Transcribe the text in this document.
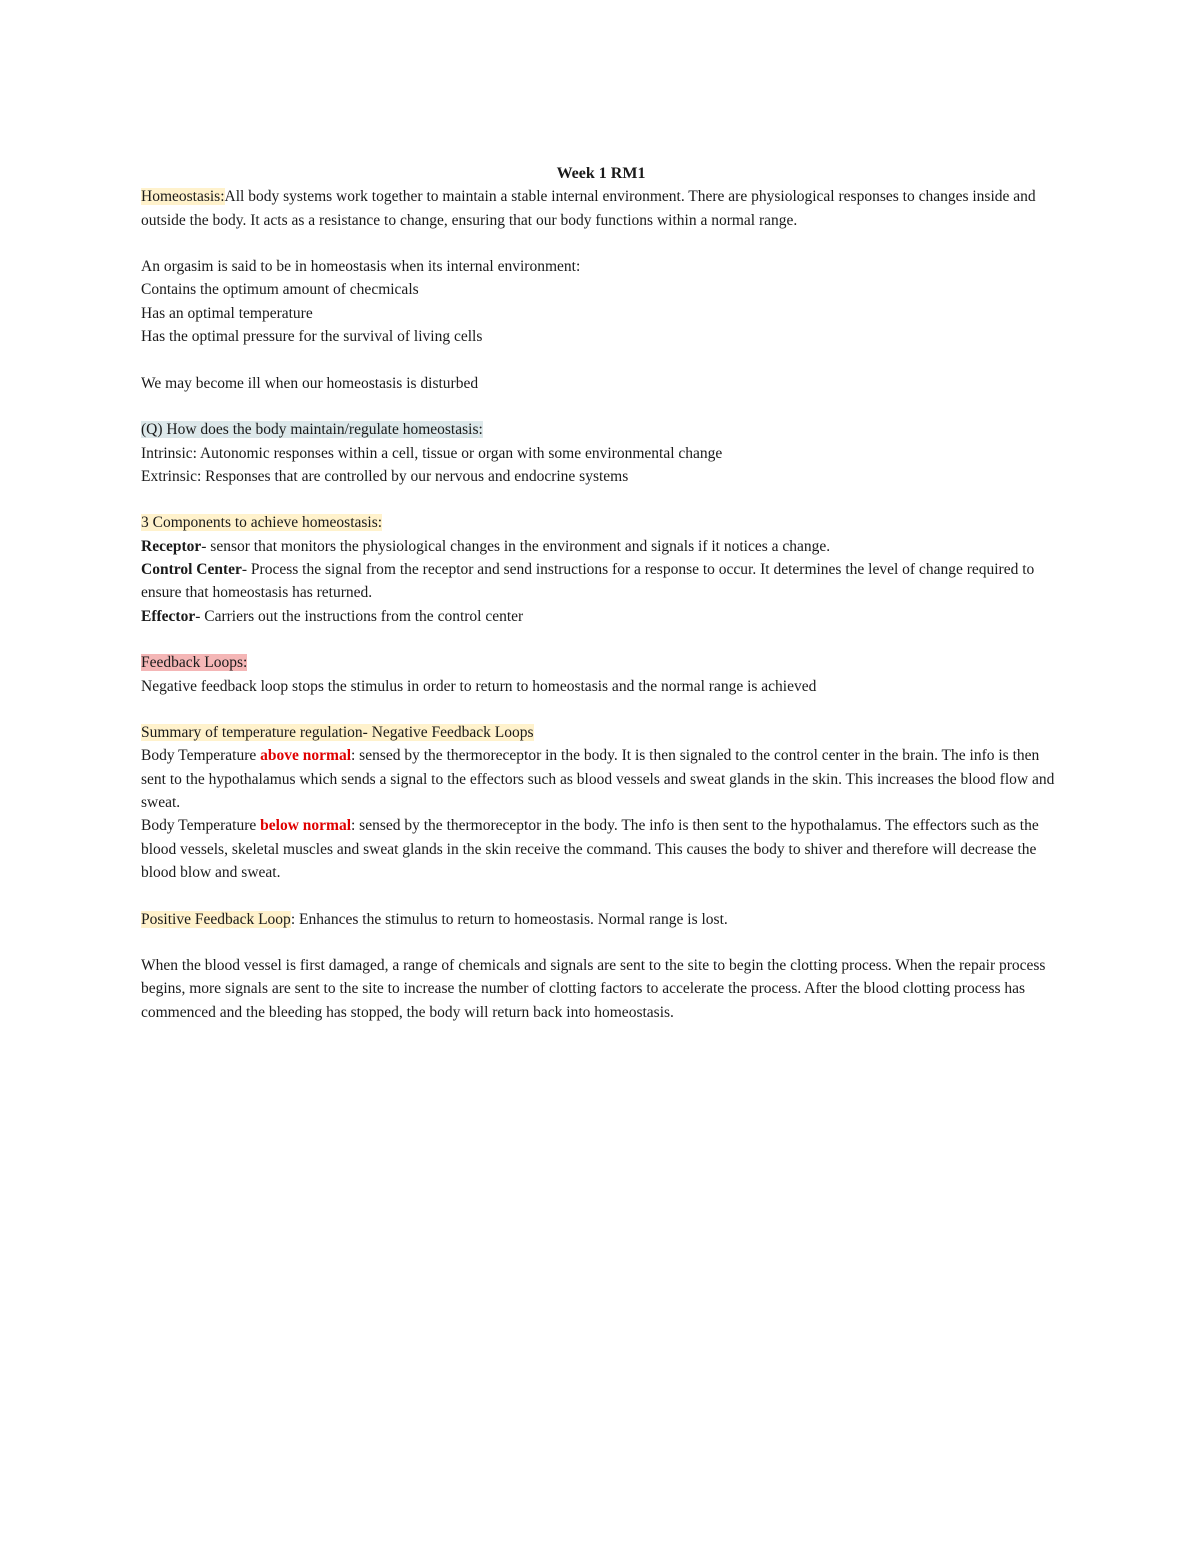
Week 1 RM1

Homeostasis:All body systems work together to maintain a stable internal environment. There are physiological responses to changes inside and outside the body. It acts as a resistance to change, ensuring that our body functions within a normal range.

An orgasim is said to be in homeostasis when its internal environment:

Contains the optimum amount of checmicals

Has an optimal temperature

Has the optimal pressure for the survival of living cells

We may become ill when our homeostasis is disturbed

(Q) How does the body maintain/regulate homeostasis:

Intrinsic: Autonomic responses within a cell, tissue or organ with some environmental change

Extrinsic: Responses that are controlled by our nervous and endocrine systems

3 Components to achieve homeostasis:

Receptor- sensor that monitors the physiological changes in the environment and signals if it notices a change.

Control Center- Process the signal from the receptor and send instructions for a response to occur. It determines the level of change required to ensure that homeostasis has returned.

Effector- Carriers out the instructions from the control center

Feedback Loops:

Negative feedback loop stops the stimulus in order to return to homeostasis and the normal range is achieved

Summary of temperature regulation- Negative Feedback Loops

Body Temperature above normal: sensed by the thermoreceptor in the body. It is then signaled to the control center in the brain. The info is then sent to the hypothalamus which sends a signal to the effectors such as blood vessels and sweat glands in the skin. This increases the blood flow and sweat.

Body Temperature below normal: sensed by the thermoreceptor in the body. The info is then sent to the hypothalamus. The effectors such as the blood vessels, skeletal muscles and sweat glands in the skin receive the command. This causes the body to shiver and therefore will decrease the blood blow and sweat.

Positive Feedback Loop: Enhances the stimulus to return to homeostasis. Normal range is lost.

When the blood vessel is first damaged, a range of chemicals and signals are sent to the site to begin the clotting process. When the repair process begins, more signals are sent to the site to increase the number of clotting factors to accelerate the process. After the blood clotting process has commenced and the bleeding has stopped, the body will return back into homeostasis.
